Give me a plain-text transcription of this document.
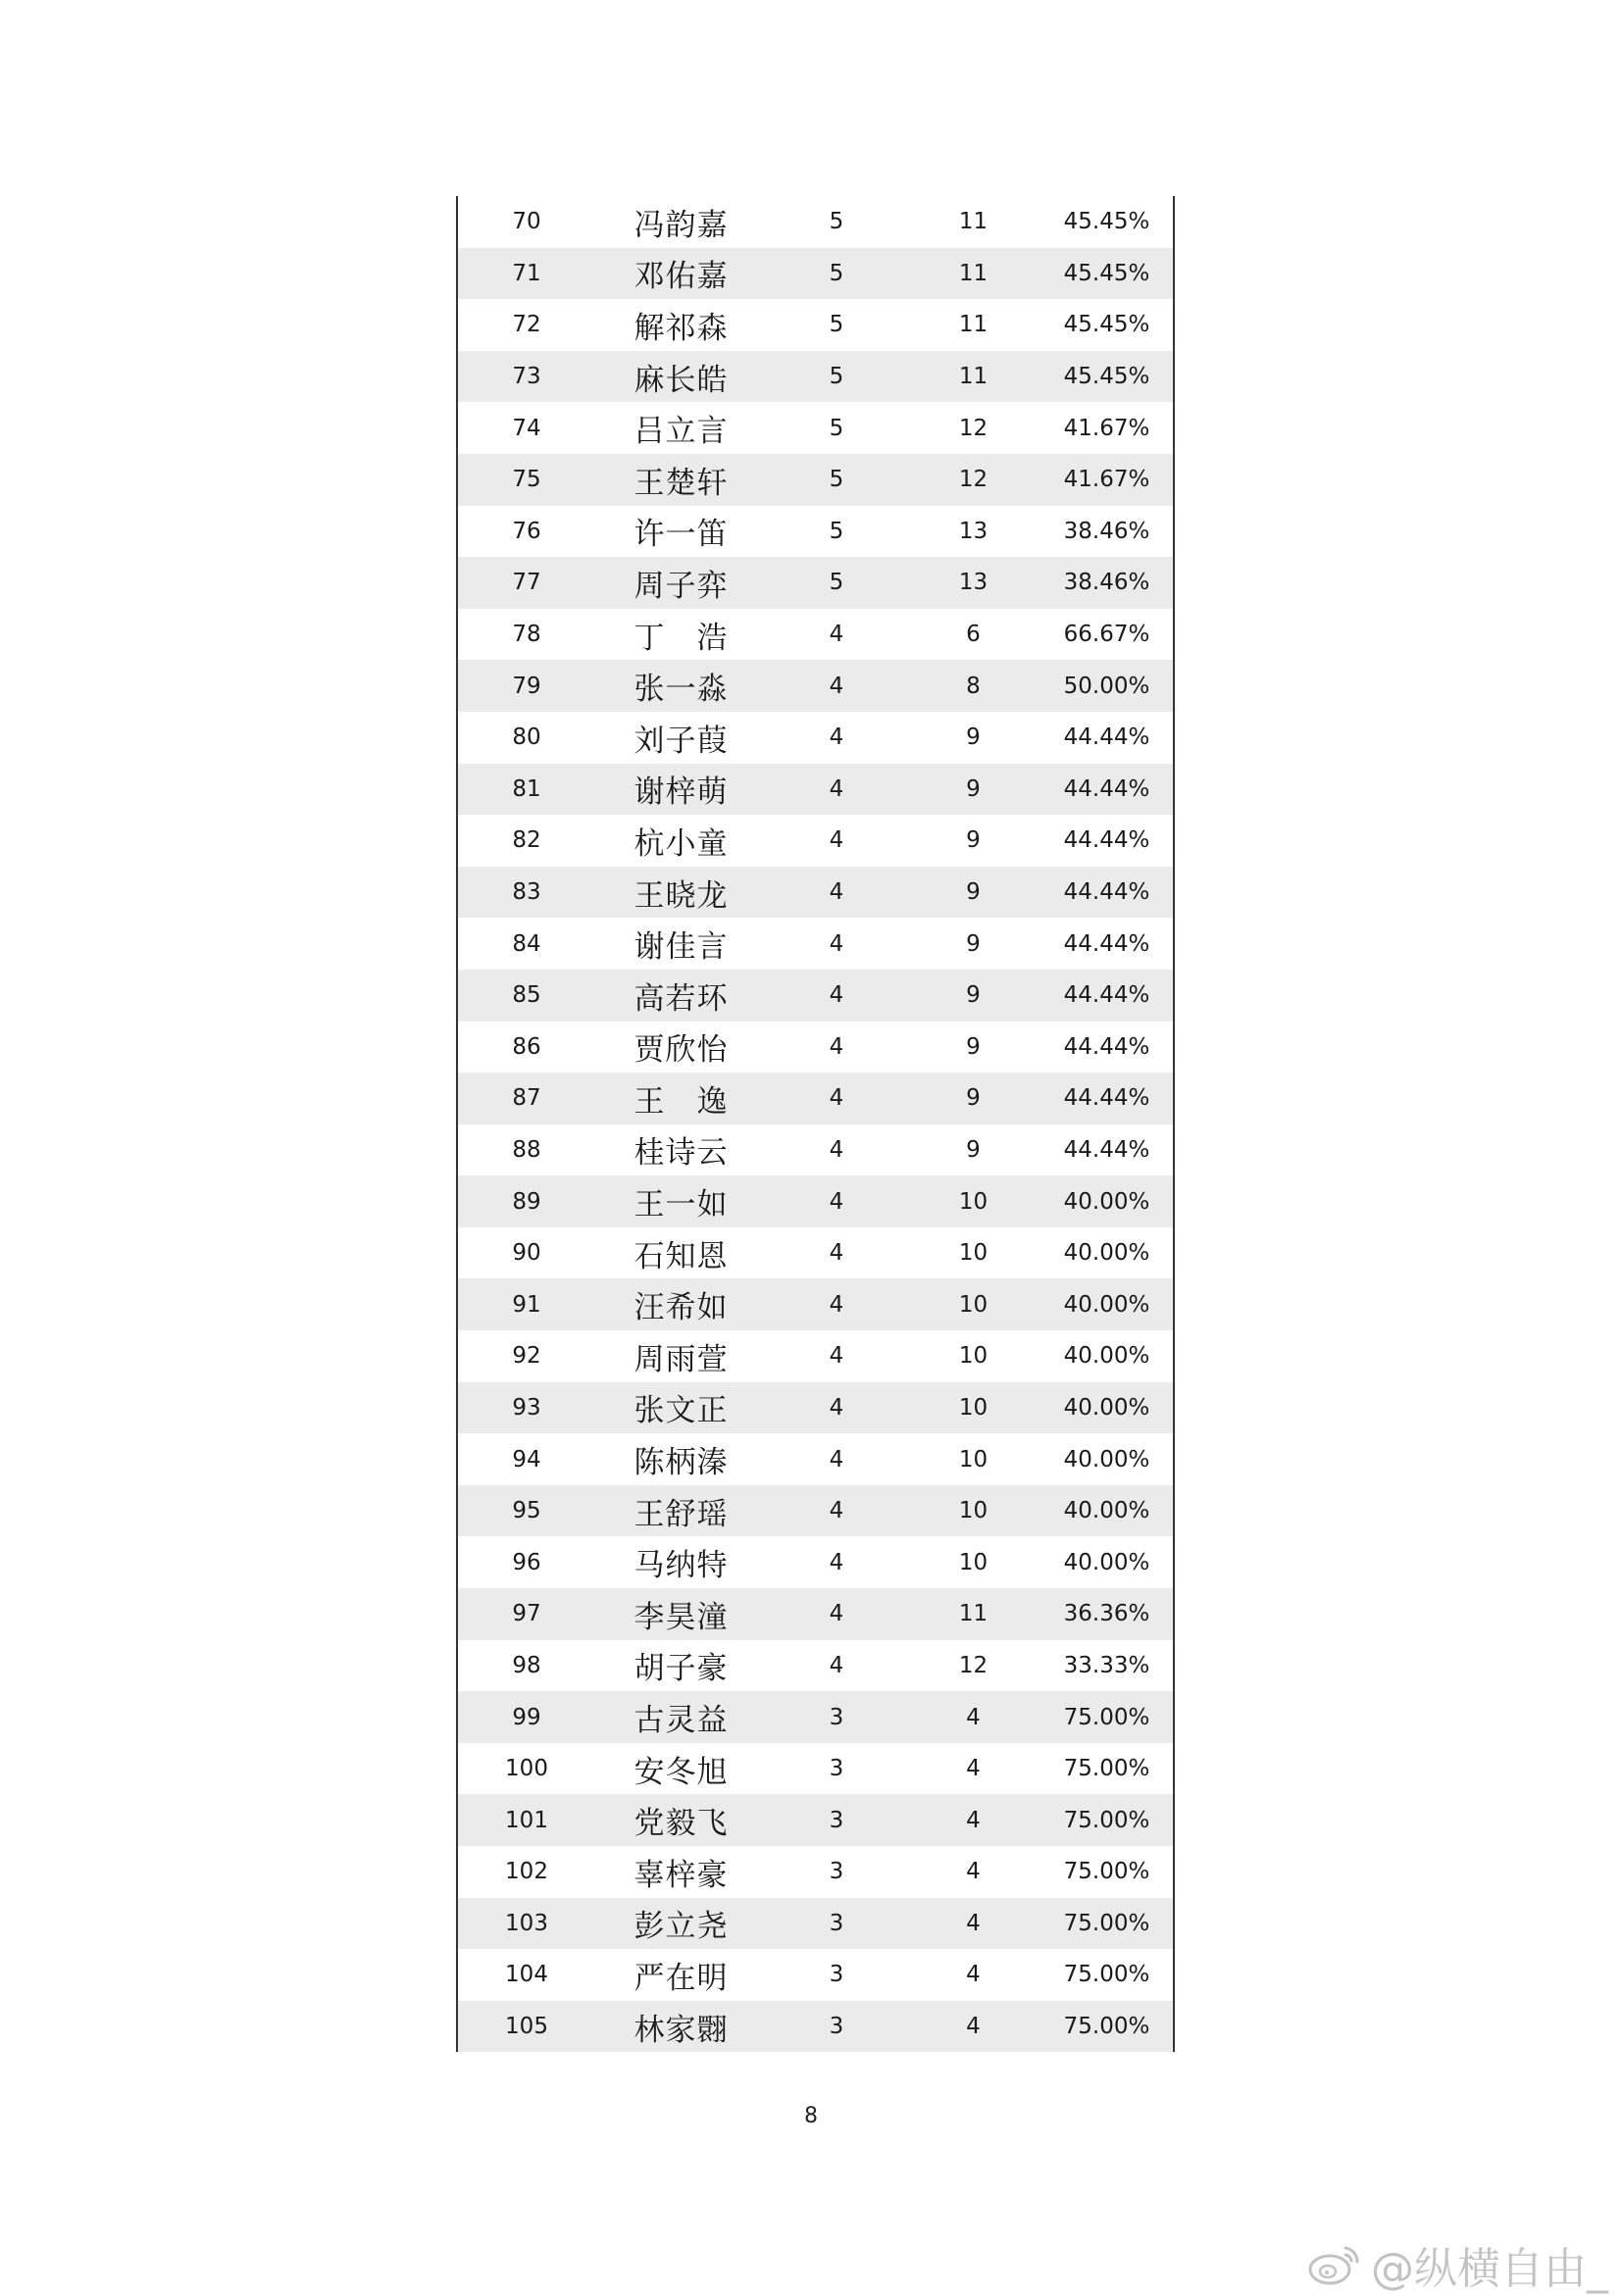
70	冯韵嘉	5	11	45.45%
71	邓佑嘉	5	11	45.45%
72	解祁森	5	11	45.45%
73	麻长皓	5	11	45.45%
74	吕立言	5	12	41.67%
75	王楚轩	5	12	41.67%
76	许一笛	5	13	38.46%
77	周子弈	5	13	38.46%
78	丁　浩	4	6	66.67%
79	张一淼	4	8	50.00%
80	刘子葭	4	9	44.44%
81	谢梓萌	4	9	44.44%
82	杭小童	4	9	44.44%
83	王晓龙	4	9	44.44%
84	谢佳言	4	9	44.44%
85	高若环	4	9	44.44%
86	贾欣怡	4	9	44.44%
87	王　逸	4	9	44.44%
88	桂诗云	4	9	44.44%
89	王一如	4	10	40.00%
90	石知恩	4	10	40.00%
91	汪希如	4	10	40.00%
92	周雨萱	4	10	40.00%
93	张文正	4	10	40.00%
94	陈柄溱	4	10	40.00%
95	王舒瑶	4	10	40.00%
96	马纳特	4	10	40.00%
97	李昊潼	4	11	36.36%
98	胡子豪	4	12	33.33%
99	古灵益	3	4	75.00%
100	安冬旭	3	4	75.00%
101	党毅飞	3	4	75.00%
102	辜梓豪	3	4	75.00%
103	彭立尧	3	4	75.00%
104	严在明	3	4	75.00%
105	林家翾	3	4	75.00%
8
@纵横自由_
